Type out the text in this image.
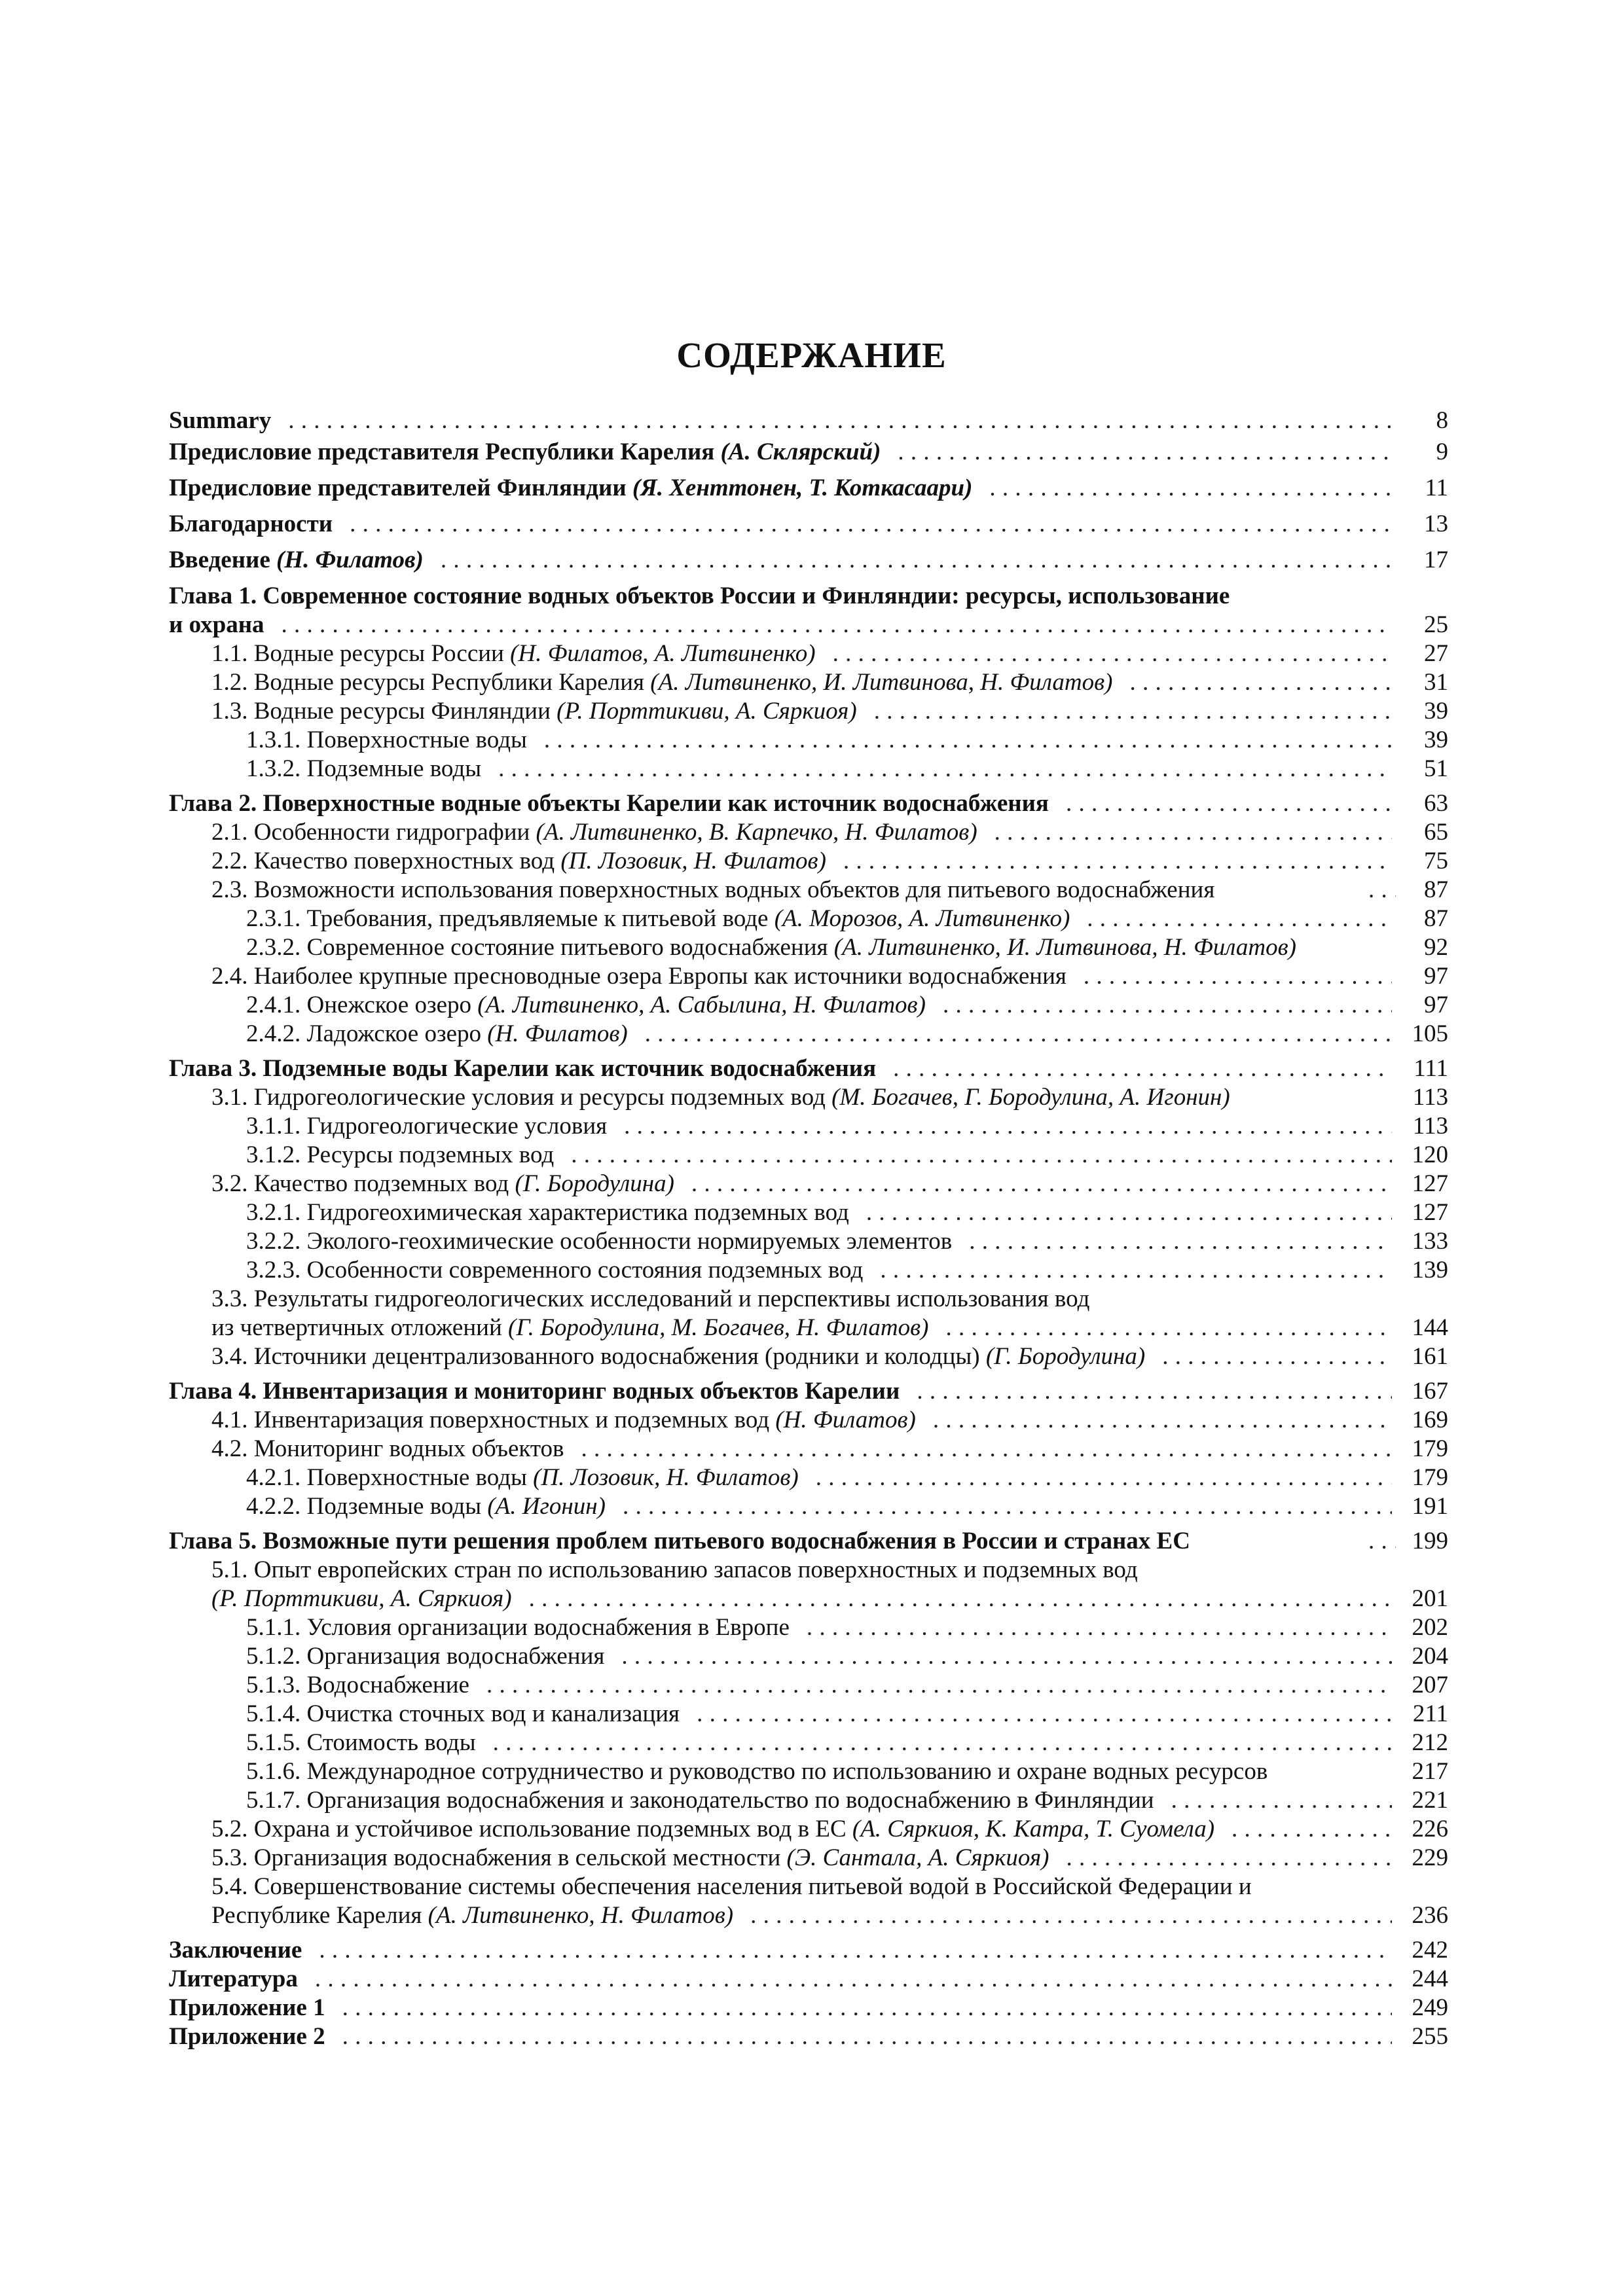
СОДЕРЖАНИЕ
Summary . . .	8
Предисловие представителя Республики Карелия (А. Склярский) . . .	9
Предисловие представителей Финляндии (Я. Хенттонен, Т. Коткасаари) . . .	11
Благодарности . . .	13
Введение (Н. Филатов) . . .	17
Глава 1. Современное состояние водных объектов России и Финляндии: ресурсы, использование
и охрана . . .	25
1.1. Водные ресурсы России (Н. Филатов, А. Литвиненко) . . .	27
1.2. Водные ресурсы Республики Карелия (А. Литвиненко, И. Литвинова, Н. Филатов) . . .	31
1.3. Водные ресурсы Финляндии (Р. Порттикиви, А. Сяркиоя) . . .	39
1.3.1. Поверхностные воды . . .	39
1.3.2. Подземные воды . . .	51
Глава 2. Поверхностные водные объекты Карелии как источник водоснабжения . . .	63
2.1. Особенности гидрографии (А. Литвиненко, В. Карпечко, Н. Филатов) . . .	65
2.2. Качество поверхностных вод (П. Лозовик, Н. Филатов) . . .	75
2.3. Возможности использования поверхностных водных объектов для питьевого водоснабжения . . .	87
2.3.1. Требования, предъявляемые к питьевой воде (А. Морозов, А. Литвиненко) . . .	87
2.3.2. Современное состояние питьевого водоснабжения (А. Литвиненко, И. Литвинова, Н. Филатов)	92
2.4. Наиболее крупные пресноводные озера Европы как источники водоснабжения . . .	97
2.4.1. Онежское озеро (А. Литвиненко, А. Сабылина, Н. Филатов) . . .	97
2.4.2. Ладожское озеро (Н. Филатов) . . .	105
Глава 3. Подземные воды Карелии как источник водоснабжения . . .	111
3.1. Гидрогеологические условия и ресурсы подземных вод (М. Богачев, Г. Бородулина, А. Игонин)	113
3.1.1. Гидрогеологические условия . . .	113
3.1.2. Ресурсы подземных вод . . .	120
3.2. Качество подземных вод (Г. Бородулина) . . .	127
3.2.1. Гидрогеохимическая характеристика подземных вод . . .	127
3.2.2. Эколого-геохимические особенности нормируемых элементов . . .	133
3.2.3. Особенности современного состояния подземных вод . . .	139
3.3. Результаты гидрогеологических исследований и перспективы использования вод
из четвертичных отложений (Г. Бородулина, М. Богачев, Н. Филатов) . . .	144
3.4. Источники децентрализованного водоснабжения (родники и колодцы) (Г. Бородулина) . . .	161
Глава 4. Инвентаризация и мониторинг водных объектов Карелии . . .	167
4.1. Инвентаризация поверхностных и подземных вод (Н. Филатов) . . .	169
4.2. Мониторинг водных объектов . . .	179
4.2.1. Поверхностные воды (П. Лозовик, Н. Филатов) . . .	179
4.2.2. Подземные воды (А. Игонин) . . .	191
Глава 5. Возможные пути решения проблем питьевого водоснабжения в России и странах ЕС . . .	199
5.1. Опыт европейских стран по использованию запасов поверхностных и подземных вод
(Р. Порттикиви, А. Сяркиоя) . . .	201
5.1.1. Условия организации водоснабжения в Европе . . .	202
5.1.2. Организация водоснабжения . . .	204
5.1.3. Водоснабжение . . .	207
5.1.4. Очистка сточных вод и канализация . . .	211
5.1.5. Стоимость воды . . .	212
5.1.6. Международное сотрудничество и руководство по использованию и охране водных ресурсов	217
5.1.7. Организация водоснабжения и законодательство по водоснабжению в Финляндии . . .	221
5.2. Охрана и устойчивое использование подземных вод в ЕС (А. Сяркиоя, К. Катра, Т. Суомела) . . .	226
5.3. Организация водоснабжения в сельской местности (Э. Сантала, А. Сяркиоя) . . .	229
5.4. Совершенствование системы обеспечения населения питьевой водой в Российской Федерации и
Республике Карелия (А. Литвиненко, Н. Филатов) . . .	236
Заключение . . .	242
Литература . . .	244
Приложение 1 . . .	249
Приложение 2 . . .	255
